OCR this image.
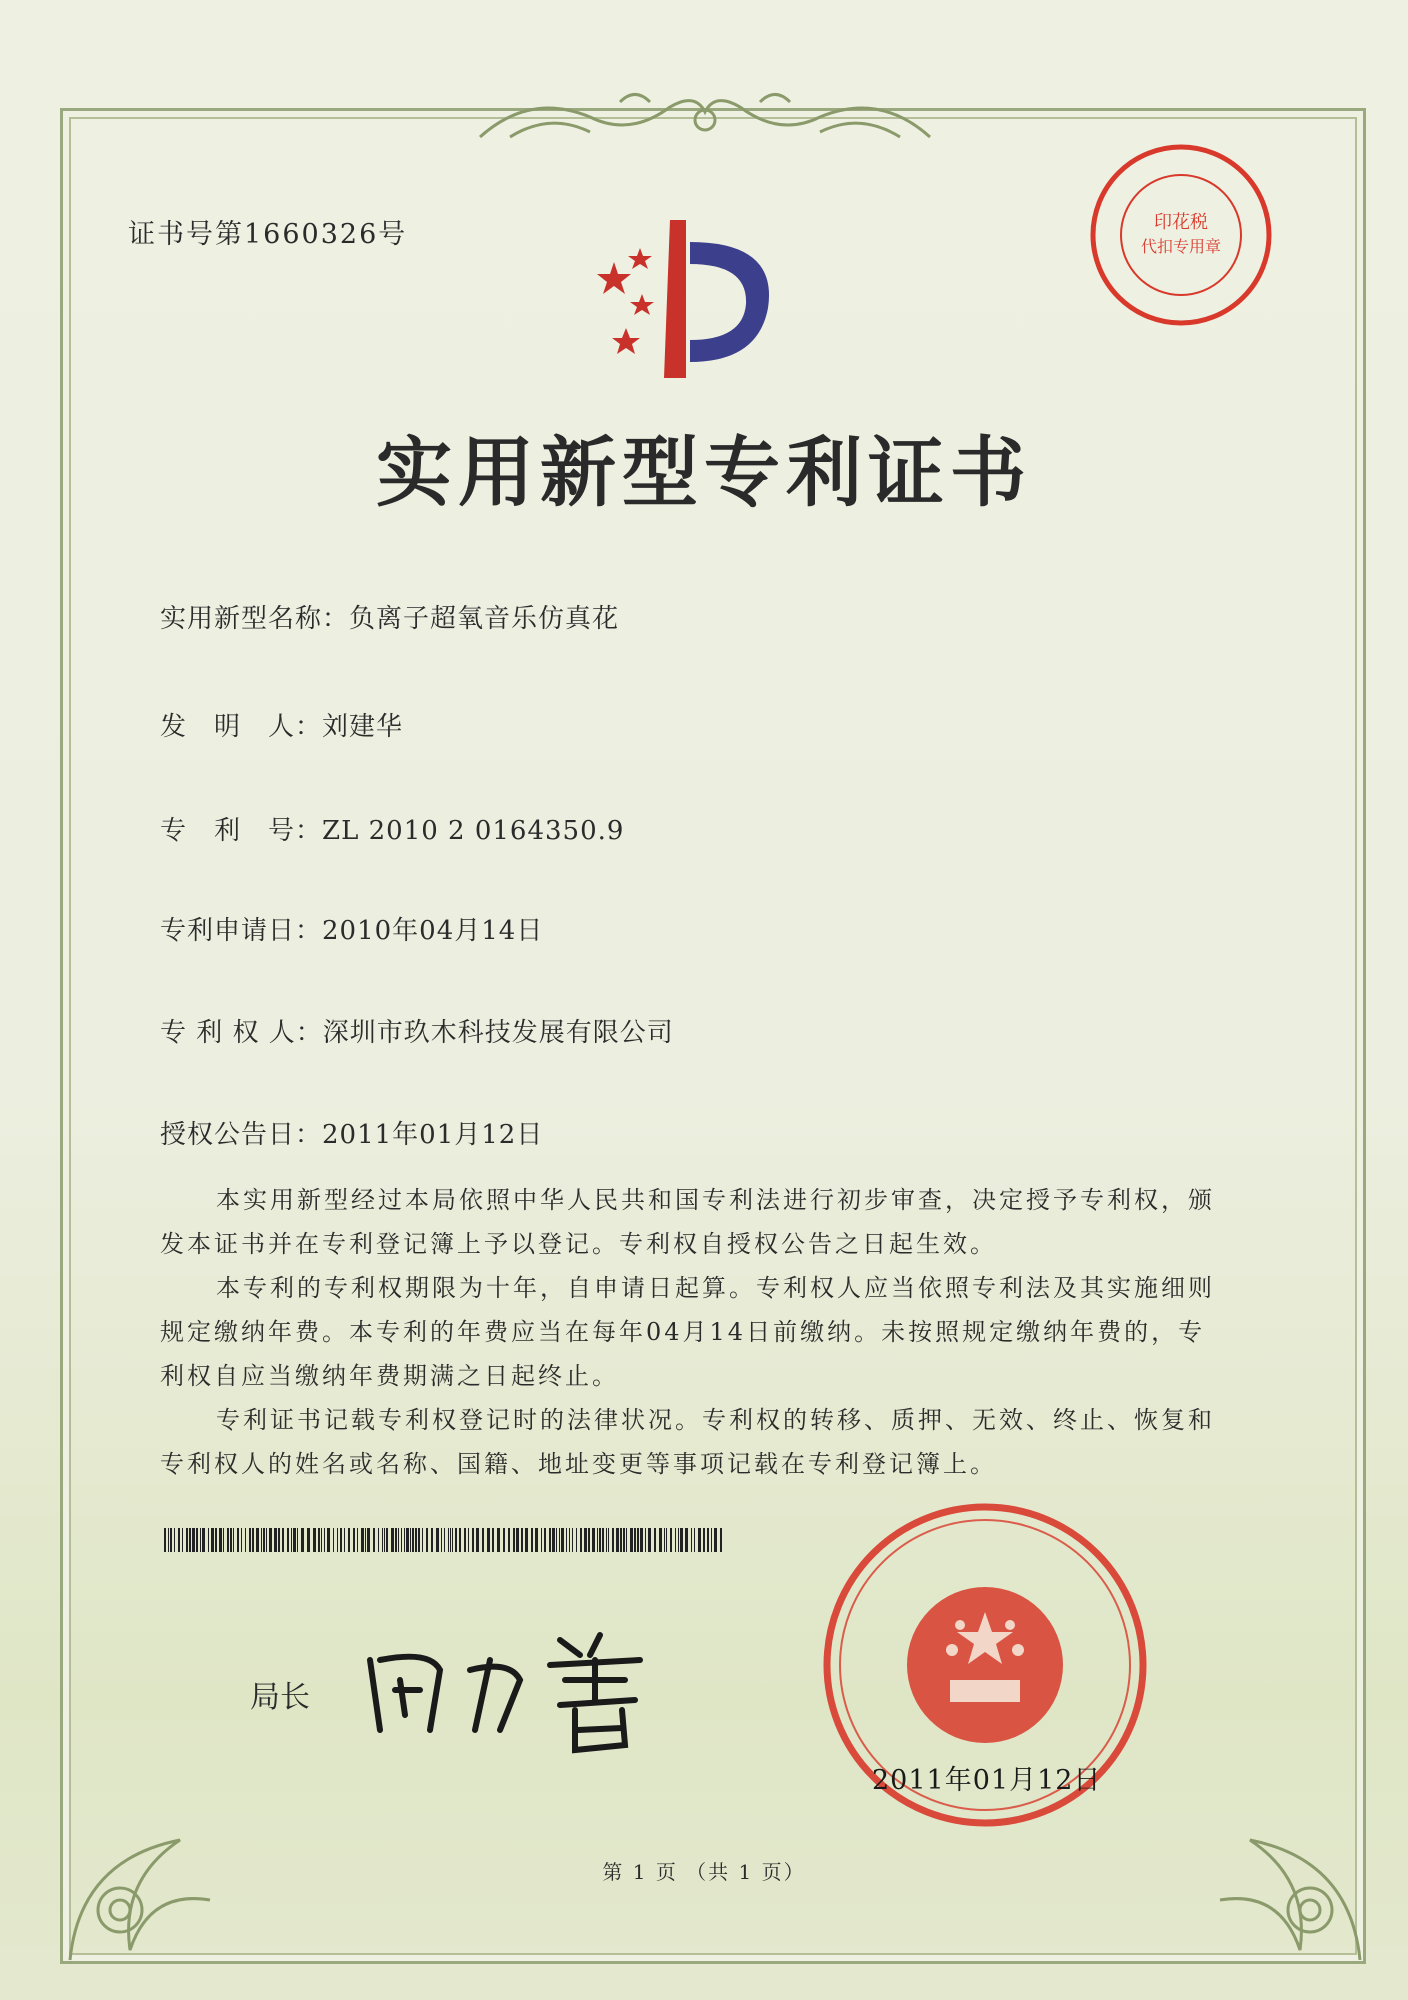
证书号第1660326号	印花税
代扣专用章
实用新型专利证书
实用新型名称：负离子超氧音乐仿真花
发　明　人：刘建华
专　利　号：ZL 2010 2 0164350.9
专利申请日：2010年04月14日
专 利 权 人：深圳市玖木科技发展有限公司
授权公告日：2011年01月12日

本实用新型经过本局依照中华人民共和国专利法进行初步审查，决定授予专利权，颁发本证书并在专利登记簿上予以登记。专利权自授权公告之日起生效。

本专利的专利权期限为十年，自申请日起算。专利权人应当依照专利法及其实施细则规定缴纳年费。本专利的年费应当在每年04月14日前缴纳。未按照规定缴纳年费的，专利权自应当缴纳年费期满之日起终止。

专利证书记载专利权登记时的法律状况。专利权的转移、质押、无效、终止、恢复和专利权人的姓名或名称、国籍、地址变更等事项记载在专利登记簿上。

局长
2011年01月12日
第 1 页 （共 1 页）
